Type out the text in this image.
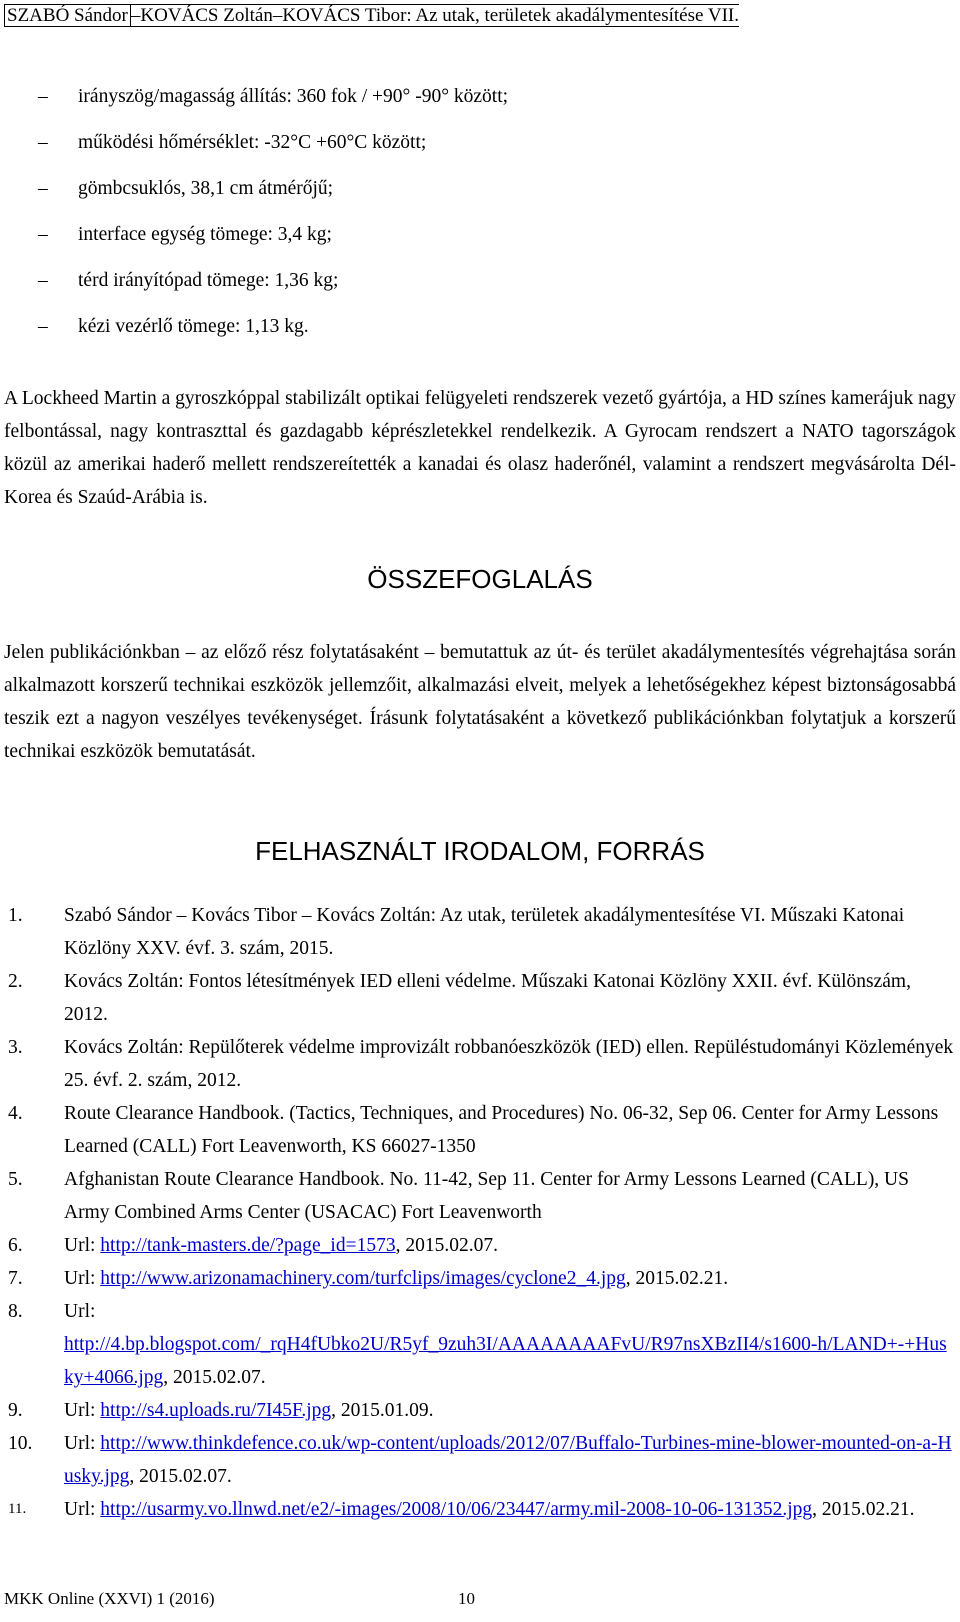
SZABÓ Sándor –KOVÁCS Zoltán–KOVÁCS Tibor: Az utak, területek akadálymentesítése VII.
– irányszög/magasság állítás: 360 fok / +90° -90° között;
– működési hőmérséklet: -32°C +60°C között;
– gömbcsuklós, 38,1 cm átmérőjű;
– interface egység tömege: 3,4 kg;
– térd irányítópad tömege: 1,36 kg;
– kézi vezérlő tömege: 1,13 kg.

A Lockheed Martin a gyroszkóppal stabilizált optikai felügyeleti rendszerek vezető gyártója, a HD színes kamerájuk nagy felbontással, nagy kontraszttal és gazdagabb képrészletekkel rendelkezik. A Gyrocam rendszert a NATO tagországok közül az amerikai haderő mellett rendszereítették a kanadai és olasz haderőnél, valamint a rendszert megvásárolta Dél-Korea és Szaúd-Arábia is.

ÖSSZEFOGLALÁS

Jelen publikációnkban – az előző rész folytatásaként – bemutattuk az út- és terület akadálymentesítés végrehajtása során alkalmazott korszerű technikai eszközök jellemzőit, alkalmazási elveit, melyek a lehetőségekhez képest biztonságosabbá teszik ezt a nagyon veszélyes tevékenységet. Írásunk folytatásaként a következő publikációnkban folytatjuk a korszerű technikai eszközök bemutatását.

FELHASZNÁLT IRODALOM, FORRÁS
1. Szabó Sándor – Kovács Tibor – Kovács Zoltán: Az utak, területek akadálymentesítése VI. Műszaki Katonai Közlöny XXV. évf. 3. szám, 2015.
2. Kovács Zoltán: Fontos létesítmények IED elleni védelme. Műszaki Katonai Közlöny XXII. évf. Különszám, 2012.
3. Kovács Zoltán: Repülőterek védelme improvizált robbanóeszközök (IED) ellen. Repüléstudományi Közlemények 25. évf. 2. szám, 2012.
4. Route Clearance Handbook. (Tactics, Techniques, and Procedures) No. 06-32, Sep 06. Center for Army Lessons Learned (CALL) Fort Leavenworth, KS 66027-1350
5. Afghanistan Route Clearance Handbook. No. 11-42, Sep 11. Center for Army Lessons Learned (CALL), US Army Combined Arms Center (USACAC) Fort Leavenworth
6. Url: http://tank-masters.de/?page_id=1573, 2015.02.07.
7. Url: http://www.arizonamachinery.com/turfclips/images/cyclone2_4.jpg, 2015.02.21.
8. Url:
http://4.bp.blogspot.com/_rqH4fUbko2U/R5yf_9zuh3I/AAAAAAAAFvU/R97nsXBzII4/s1600-h/LAND+-+Husky+4066.jpg, 2015.02.07.
9. Url: http://s4.uploads.ru/7I45F.jpg, 2015.01.09.
10. Url: http://www.thinkdefence.co.uk/wp-content/uploads/2012/07/Buffalo-Turbines-mine-blower-mounted-on-a-Husky.jpg, 2015.02.07.
11. Url: http://usarmy.vo.llnwd.net/e2/-images/2008/10/06/23447/army.mil-2008-10-06-131352.jpg, 2015.02.21.
MKK Online (XXVI) 1 (2016)	10
